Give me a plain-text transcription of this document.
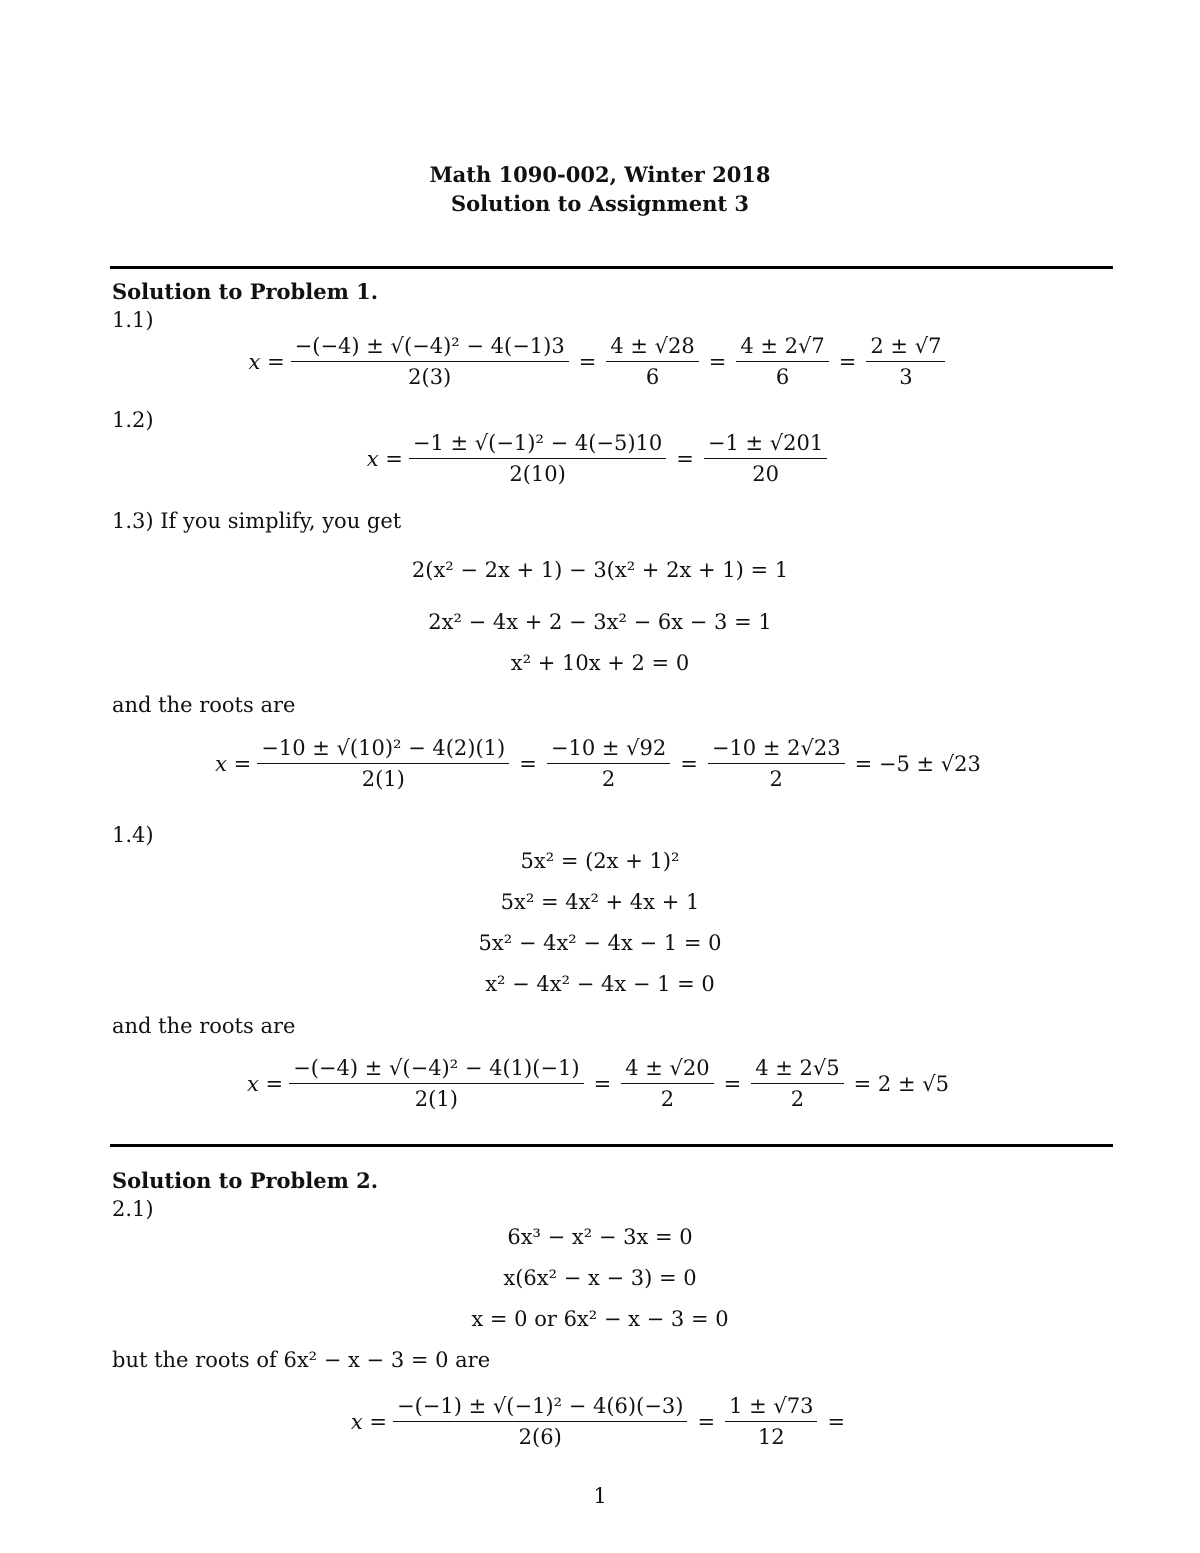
Math 1090-002, Winter 2018
Solution to Assignment 3
Solution to Problem 1.
1.1)
$x = \frac{\text{−(−4) ± √(−4)² − 4(−1)3}}{2(3)} = \frac{4 \pm √28}{6} = \frac{4 \pm 2√7}{6} = \frac{2 \pm √7}{3}$
1.2)
$x = \frac{\text{−1 ± √(−1)² − 4(−5)10}}{2(10)} = \frac{-1 \pm √201}{20}$
1.3) If you simplify, you get
2(x² − 2x + 1) − 3(x² + 2x + 1) = 1
2x² − 4x + 2 − 3x² − 6x − 3 = 1
x² + 10x + 2 = 0
and the roots are
$x = \frac{\text{−10 ± √(10)² − 4(2)(1)}}{2(1)} = \frac{-10 \pm √92}{2} = \frac{-10 \pm 2√23}{2} = -5 \pm √23$
1.4)
5x² = (2x + 1)²
5x² = 4x² + 4x + 1
5x² − 4x² − 4x − 1 = 0
x² − 4x² − 4x − 1 = 0
and the roots are
$x = \frac{\text{−(−4) ± √(−4)² − 4(1)(−1)}}{2(1)} = \frac{4 \pm √20}{2} = \frac{4 \pm 2√5}{2} = 2 \pm √5$
Solution to Problem 2.
2.1)
6x³ − x² − 3x = 0
x(6x² − x − 3) = 0
x = 0 or 6x² − x − 3 = 0
but the roots of 6x² − x − 3 = 0 are
$x = \frac{\text{−(−1) ± √(−1)² − 4(6)(−3)}}{2(6)} = \frac{1 \pm √73}{12}$ =
1
